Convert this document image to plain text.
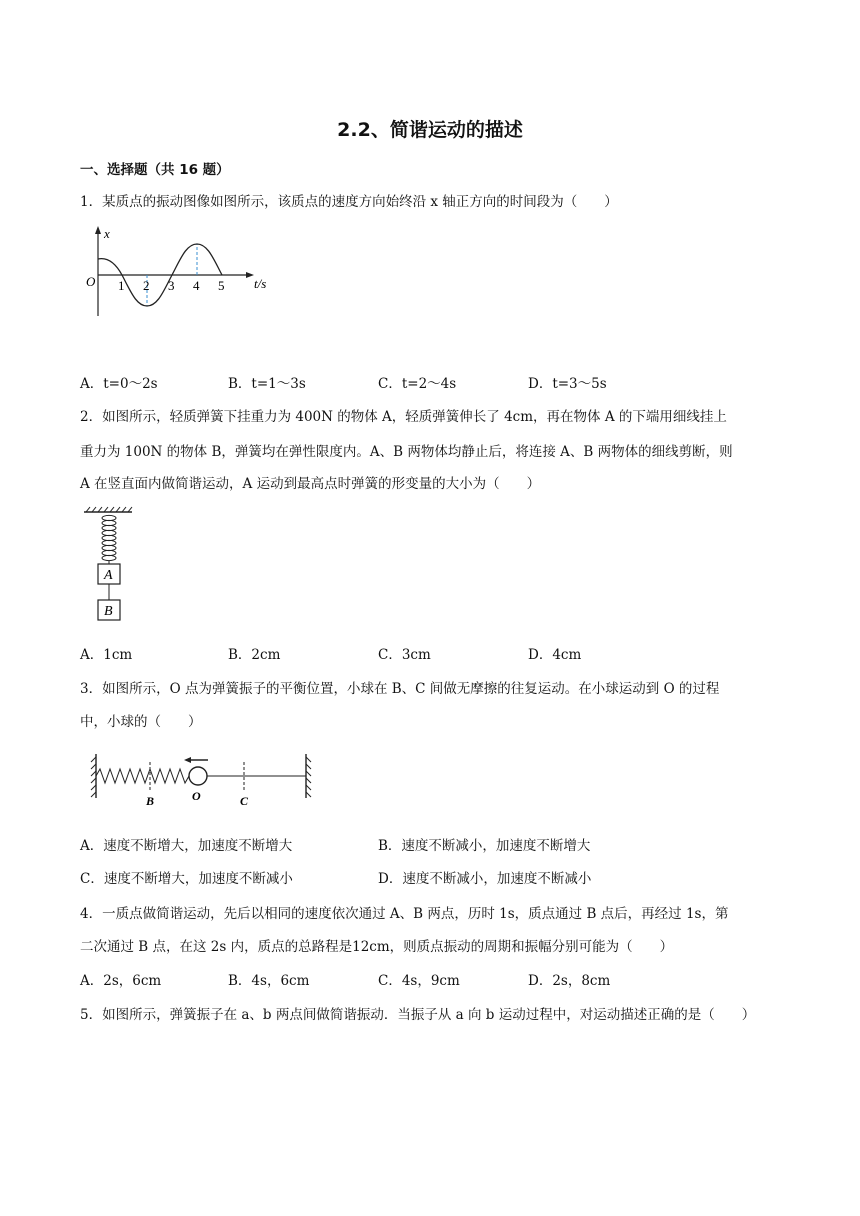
2.2、简谐运动的描述
一、选择题（共 16 题）
1．某质点的振动图像如图所示，该质点的速度方向始终沿 x 轴正方向的时间段为（　　）
O
x
t/s
1 2 3 4 5
A．t=0～2s	B．t=1～3s	C．t=2～4s	D．t=3～5s
2．如图所示，轻质弹簧下挂重力为 400N 的物体 A，轻质弹簧伸长了 4cm，再在物体 A 的下端用细线挂上
重力为 100N 的物体 B，弹簧均在弹性限度内。A、B 两物体均静止后，将连接 A、B 两物体的细线剪断，则
A 在竖直面内做简谐运动，A 运动到最高点时弹簧的形变量的大小为（　　）
A
B
A．1cm	B．2cm	C．3cm	D．4cm
3．如图所示，O 点为弹簧振子的平衡位置，小球在 B、C 间做无摩擦的往复运动。在小球运动到 O 的过程
中，小球的（　　）
B	O	C
A．速度不断增大，加速度不断增大	B．速度不断减小，加速度不断增大
C．速度不断增大，加速度不断减小	D．速度不断减小，加速度不断减小
4．一质点做简谐运动，先后以相同的速度依次通过 A、B 两点，历时 1s，质点通过 B 点后，再经过 1s，第
二次通过 B 点，在这 2s 内，质点的总路程是12cm，则质点振动的周期和振幅分别可能为（　　）
A．2s，6cm	B．4s，6cm	C．4s，9cm	D．2s，8cm
5．如图所示，弹簧振子在 a、b 两点间做简谐振动．当振子从 a 向 b 运动过程中，对运动描述正确的是（　　）
